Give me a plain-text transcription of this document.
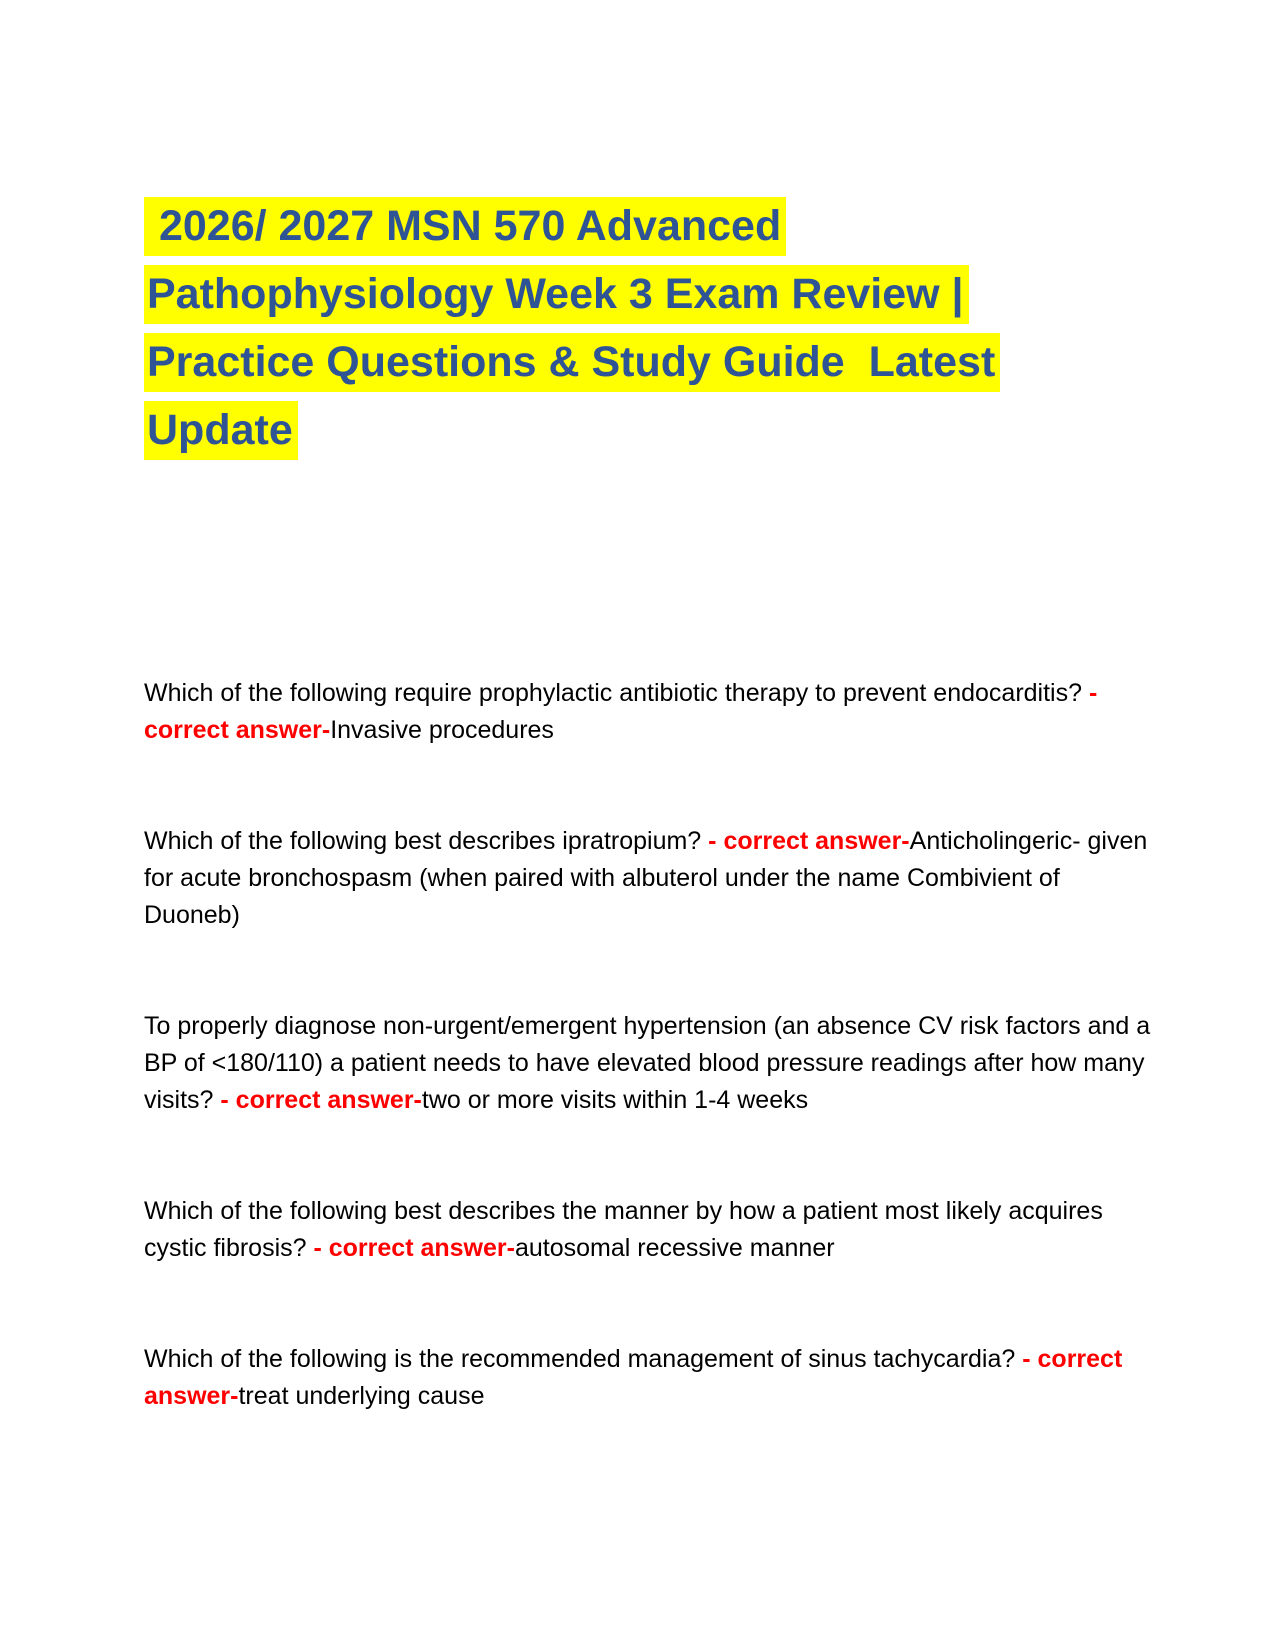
2026/ 2027 MSN 570 Advanced
Pathophysiology Week 3 Exam Review |
Practice Questions & Study Guide  Latest
Update

Which of the following require prophylactic antibiotic therapy to prevent endocarditis? - correct answer-Invasive procedures

Which of the following best describes ipratropium? - correct answer-Anticholingeric- given for acute bronchospasm (when paired with albuterol under the name Combivient of Duoneb)

To properly diagnose non-urgent/emergent hypertension (an absence CV risk factors and a BP of <180/110) a patient needs to have elevated blood pressure readings after how many visits? - correct answer-two or more visits within 1-4 weeks

Which of the following best describes the manner by how a patient most likely acquires cystic fibrosis? - correct answer-autosomal recessive manner

Which of the following is the recommended management of sinus tachycardia? - correct answer-treat underlying cause
